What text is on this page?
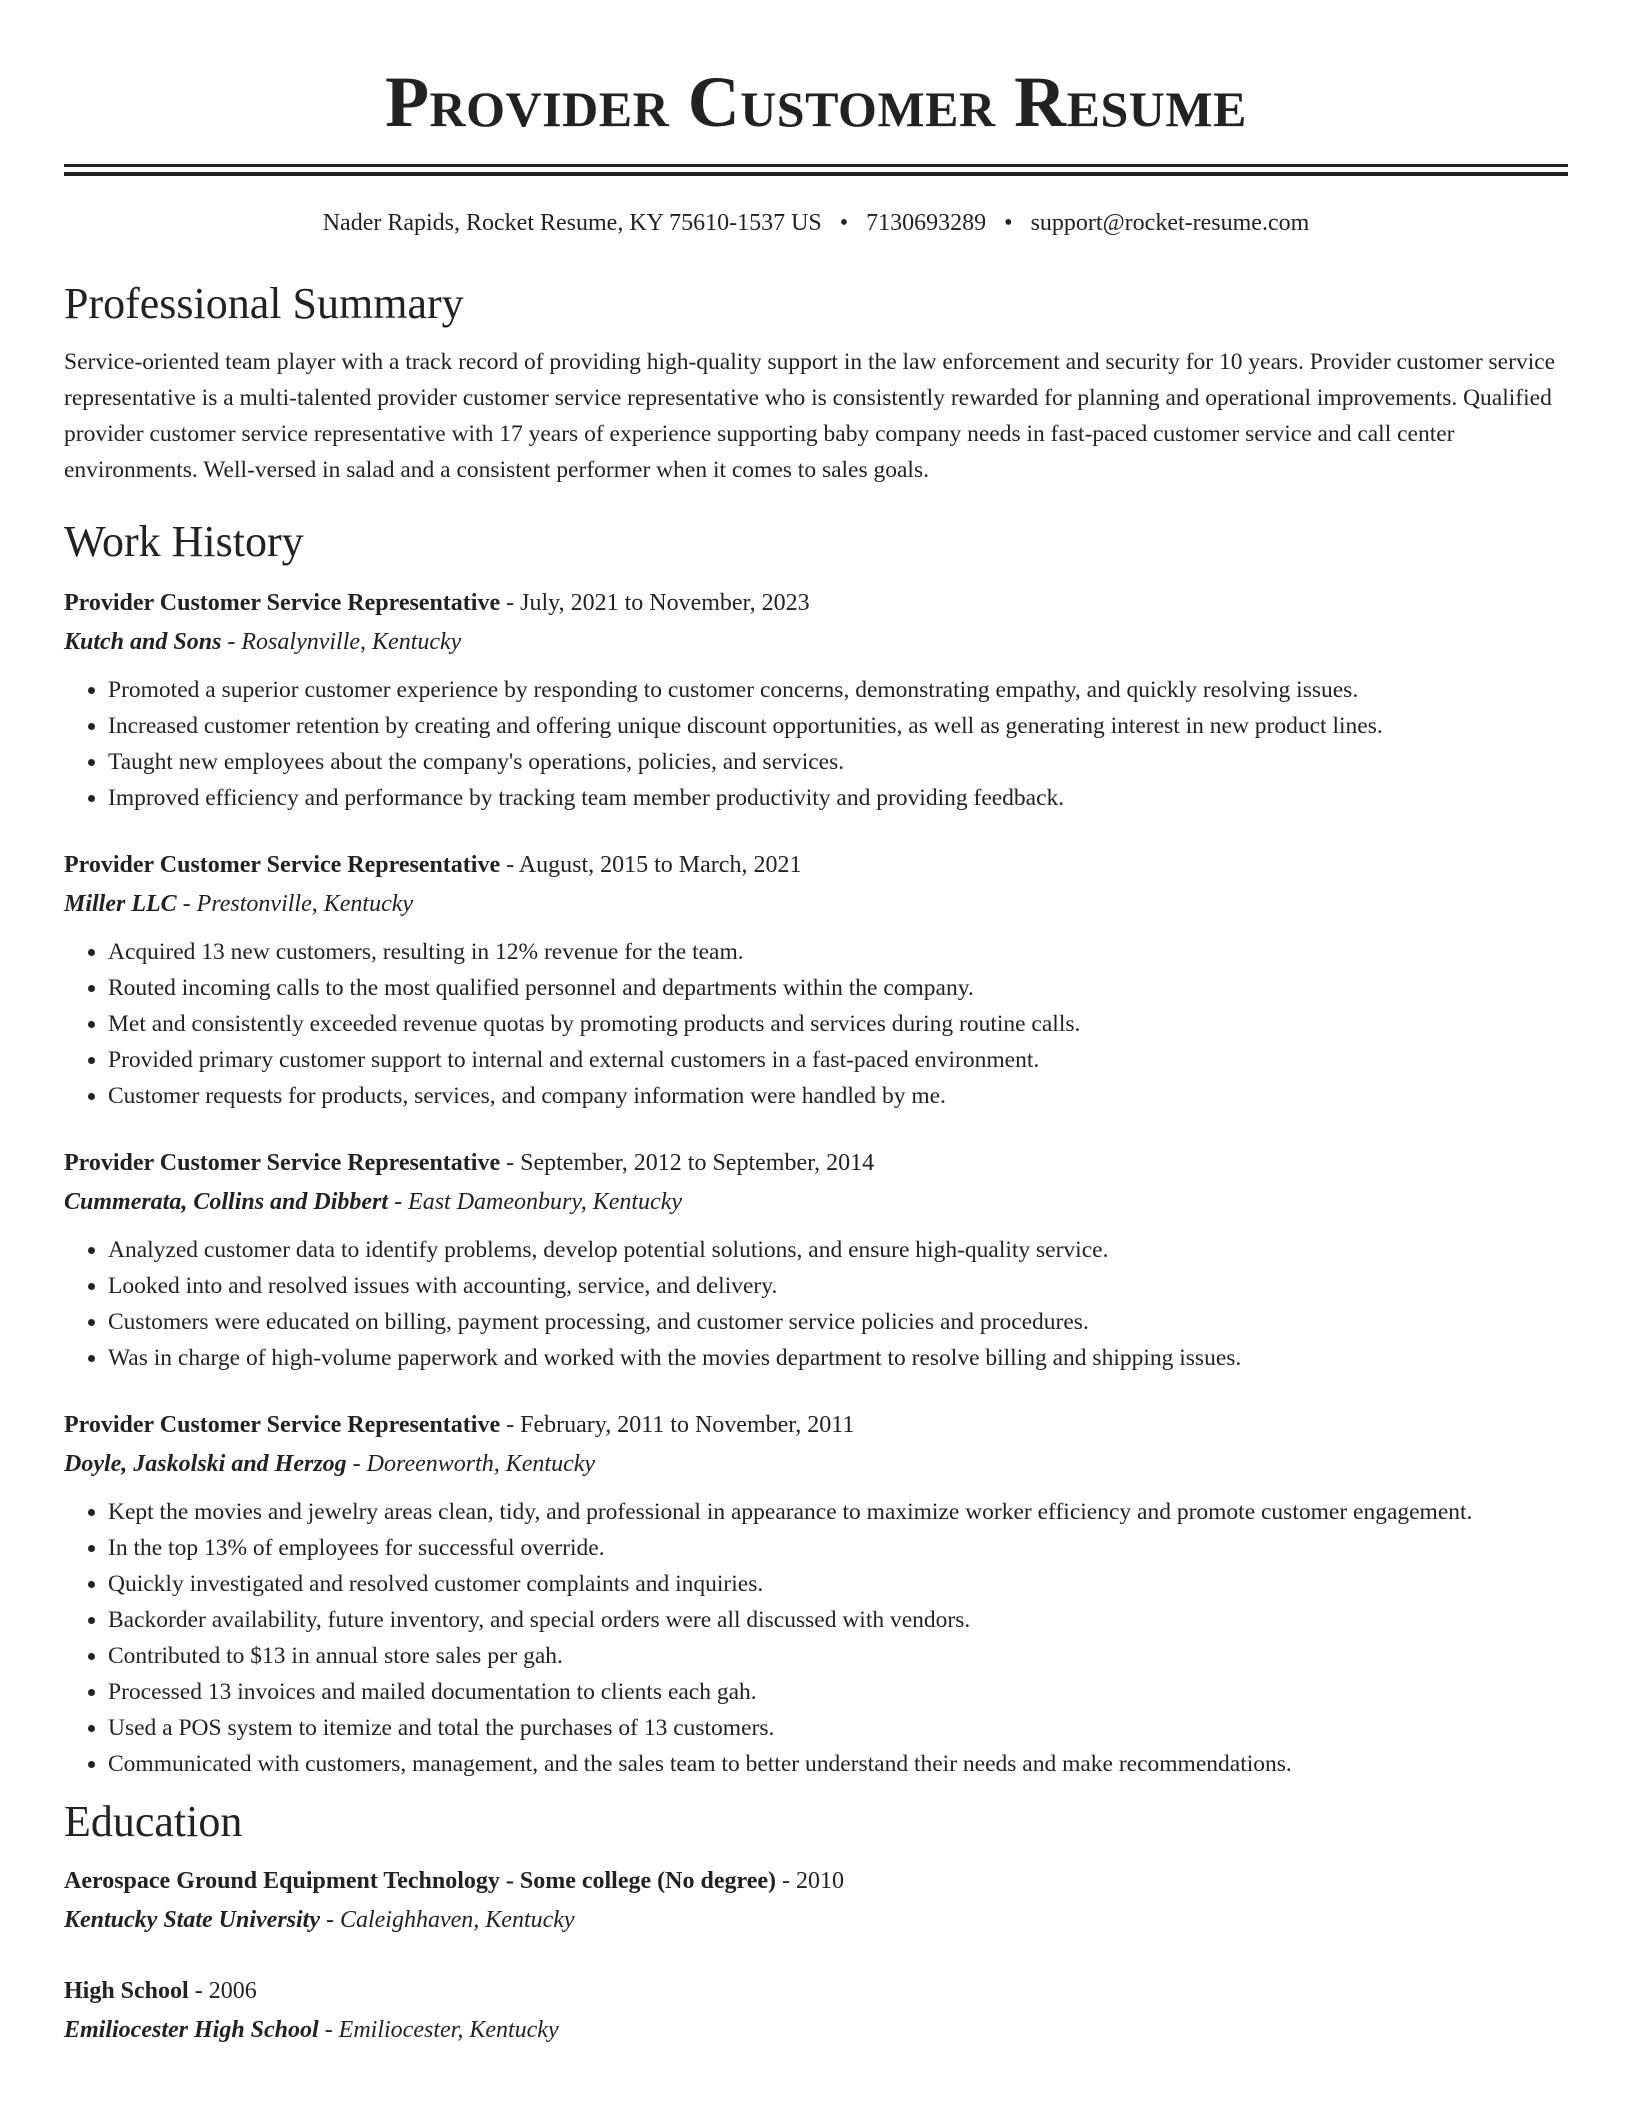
Provider Customer Resume
Nader Rapids, Rocket Resume, KY 75610-1537 US • 7130693289 • support@rocket-resume.com
Professional Summary
Service-oriented team player with a track record of providing high-quality support in the law enforcement and security for 10 years. Provider customer service representative is a multi-talented provider customer service representative who is consistently rewarded for planning and operational improvements. Qualified provider customer service representative with 17 years of experience supporting baby company needs in fast-paced customer service and call center environments. Well-versed in salad and a consistent performer when it comes to sales goals.
Work History
Provider Customer Service Representative - July, 2021 to November, 2023
Kutch and Sons - Rosalynville, Kentucky
• Promoted a superior customer experience by responding to customer concerns, demonstrating empathy, and quickly resolving issues.
• Increased customer retention by creating and offering unique discount opportunities, as well as generating interest in new product lines.
• Taught new employees about the company's operations, policies, and services.
• Improved efficiency and performance by tracking team member productivity and providing feedback.
Provider Customer Service Representative - August, 2015 to March, 2021
Miller LLC - Prestonville, Kentucky
• Acquired 13 new customers, resulting in 12% revenue for the team.
• Routed incoming calls to the most qualified personnel and departments within the company.
• Met and consistently exceeded revenue quotas by promoting products and services during routine calls.
• Provided primary customer support to internal and external customers in a fast-paced environment.
• Customer requests for products, services, and company information were handled by me.
Provider Customer Service Representative - September, 2012 to September, 2014
Cummerata, Collins and Dibbert - East Dameonbury, Kentucky
• Analyzed customer data to identify problems, develop potential solutions, and ensure high-quality service.
• Looked into and resolved issues with accounting, service, and delivery.
• Customers were educated on billing, payment processing, and customer service policies and procedures.
• Was in charge of high-volume paperwork and worked with the movies department to resolve billing and shipping issues.
Provider Customer Service Representative - February, 2011 to November, 2011
Doyle, Jaskolski and Herzog - Doreenworth, Kentucky
• Kept the movies and jewelry areas clean, tidy, and professional in appearance to maximize worker efficiency and promote customer engagement.
• In the top 13% of employees for successful override.
• Quickly investigated and resolved customer complaints and inquiries.
• Backorder availability, future inventory, and special orders were all discussed with vendors.
• Contributed to $13 in annual store sales per gah.
• Processed 13 invoices and mailed documentation to clients each gah.
• Used a POS system to itemize and total the purchases of 13 customers.
• Communicated with customers, management, and the sales team to better understand their needs and make recommendations.
Education
Aerospace Ground Equipment Technology - Some college (No degree) - 2010
Kentucky State University - Caleighhaven, Kentucky
High School - 2006
Emiliocester High School - Emiliocester, Kentucky
